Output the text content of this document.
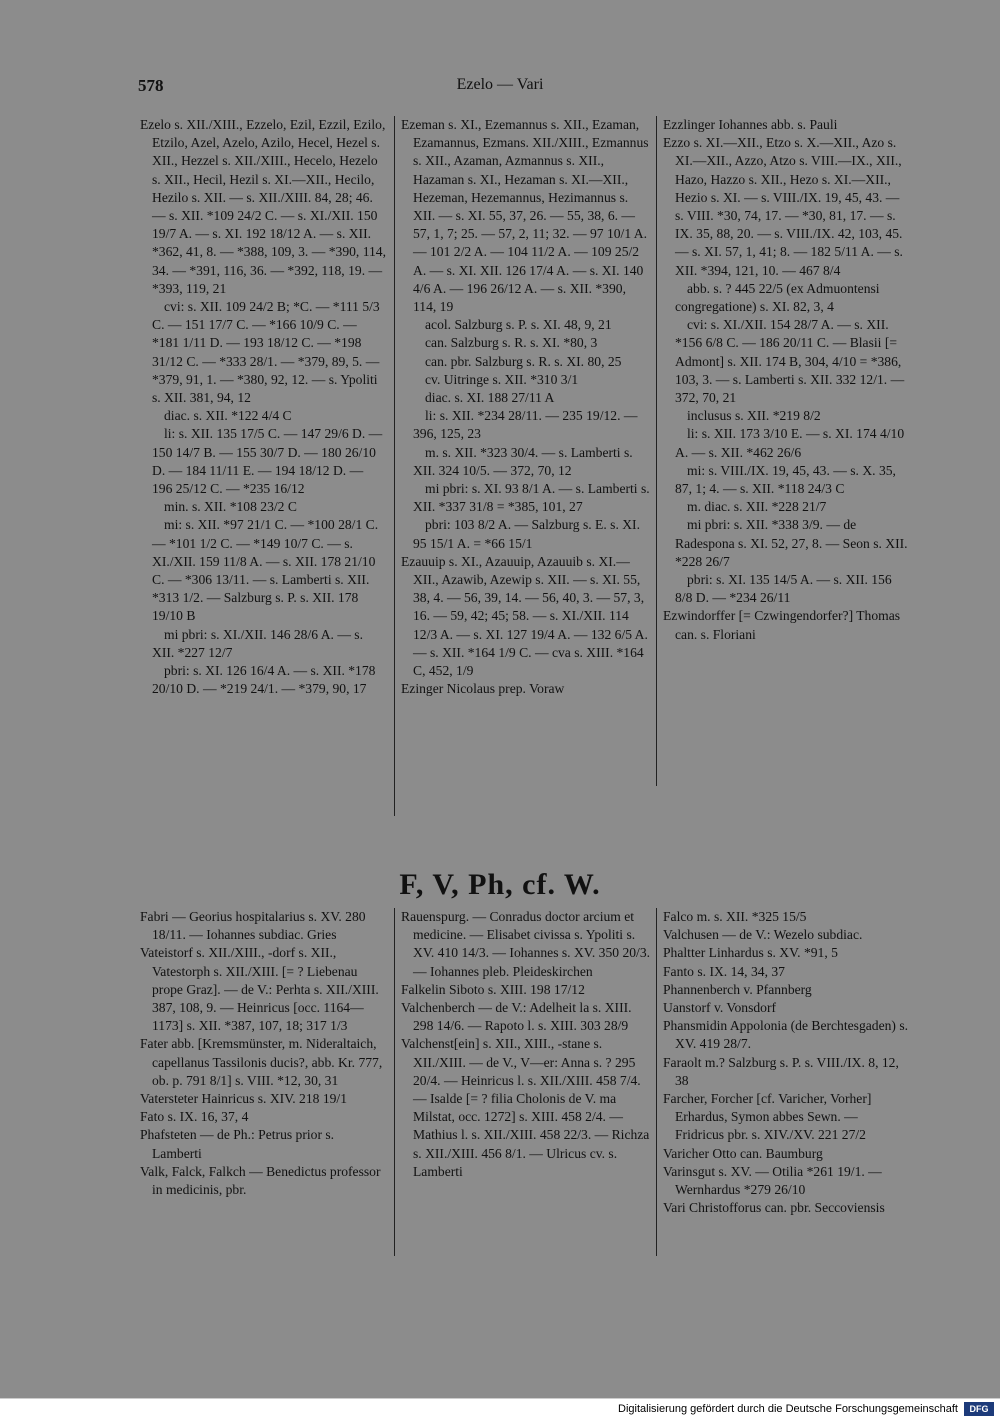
578	Ezelo — Vari

Ezelo s. XII./XIII., Ezzelo, Ezil, Ezzil, Ezilo, Etzilo, Azel, Azelo, Azilo, Hecel, Hezel s. XII., Hezzel s. XII./XIII., Hecelo, Hezelo s. XII., Hecil, Hezil s. XI.—XII., Hecilo, Hezilo s. XII. — s. XII./XIII. 84, 28; 46. — s. XII. *109 24/2 C. — s. XI./XII. 150 19/7 A. — s. XI. 192 18/12 A. — s. XII. *362, 41, 8. — *388, 109, 3. — *390, 114, 34. — *391, 116, 36. — *392, 118, 19. — *393, 119, 21

cvi: s. XII. 109 24/2 B; *C. — *111 5/3 C. — 151 17/7 C. — *166 10/9 C. — *181 1/11 D. — 193 18/12 C. — *198 31/12 C. — *333 28/1. — *379, 89, 5. — *379, 91, 1. — *380, 92, 12. — s. Ypoliti s. XII. 381, 94, 12

diac. s. XII. *122 4/4 C

li: s. XII. 135 17/5 C. — 147 29/6 D. — 150 14/7 B. — 155 30/7 D. — 180 26/10 D. — 184 11/11 E. — 194 18/12 D. — 196 25/12 C. — *235 16/12

min. s. XII. *108 23/2 C

mi: s. XII. *97 21/1 C. — *100 28/1 C. — *101 1/2 C. — *149 10/7 C. — s. XI./XII. 159 11/8 A. — s. XII. 178 21/10 C. — *306 13/11. — s. Lamberti s. XII. *313 1/2. — Salzburg s. P. s. XII. 178 19/10 B

mi pbri: s. XI./XII. 146 28/6 A. — s. XII. *227 12/7

pbri: s. XI. 126 16/4 A. — s. XII. *178 20/10 D. — *219 24/1. — *379, 90, 17

Ezeman s. XI., Ezemannus s. XII., Ezaman, Ezamannus, Ezmans. XII./XIII., Ezmannus s. XII., Azaman, Azmannus s. XII., Hazaman s. XI., Hezaman s. XI.—XII., Hezeman, Hezemannus, Hezimannus s. XII. — s. XI. 55, 37, 26. — 55, 38, 6. — 57, 1, 7; 25. — 57, 2, 11; 32. — 97 10/1 A. — 101 2/2 A. — 104 11/2 A. — 109 25/2 A. — s. XI. XII. 126 17/4 A. — s. XI. 140 4/6 A. — 196 26/12 A. — s. XII. *390, 114, 19

acol. Salzburg s. P. s. XI. 48, 9, 21

can. Salzburg s. R. s. XI. *80, 3

can. pbr. Salzburg s. R. s. XI. 80, 25

cv. Uitringe s. XII. *310 3/1

diac. s. XI. 188 27/11 A

li: s. XII. *234 28/11. — 235 19/12. — 396, 125, 23

m. s. XII. *323 30/4. — s. Lamberti s. XII. 324 10/5. — 372, 70, 12

mi pbri: s. XI. 93 8/1 A. — s. Lamberti s. XII. *337 31/8 = *385, 101, 27

pbri: 103 8/2 A. — Salzburg s. E. s. XI. 95 15/1 A. = *66 15/1

Ezauuip s. XI., Azauuip, Azauuib s. XI.—XII., Azawib, Azewip s. XII. — s. XI. 55, 38, 4. — 56, 39, 14. — 56, 40, 3. — 57, 3, 16. — 59, 42; 45; 58. — s. XI./XII. 114 12/3 A. — s. XI. 127 19/4 A. — 132 6/5 A. — s. XII. *164 1/9 C. — cva s. XIII. *164 C, 452, 1/9

Ezinger Nicolaus prep. Voraw

Ezzlinger Iohannes abb. s. Pauli

Ezzo s. XI.—XII., Etzo s. X.—XII., Azo s. XI.—XII., Azzo, Atzo s. VIII.—IX., XII., Hazo, Hazzo s. XII., Hezo s. XI.—XII., Hezio s. XI. — s. VIII./IX. 19, 45, 43. — s. VIII. *30, 74, 17. — *30, 81, 17. — s. IX. 35, 88, 20. — s. VIII./IX. 42, 103, 45. — s. XI. 57, 1, 41; 8. — 182 5/11 A. — s. XII. *394, 121, 10. — 467 8/4

abb. s. ? 445 22/5 (ex Admuontensi congregatione) s. XI. 82, 3, 4

cvi: s. XI./XII. 154 28/7 A. — s. XII. *156 6/8 C. — 186 20/11 C. — Blasii [= Admont] s. XII. 174 B, 304, 4/10 = *386, 103, 3. — s. Lamberti s. XII. 332 12/1. — 372, 70, 21

inclusus s. XII. *219 8/2

li: s. XII. 173 3/10 E. — s. XI. 174 4/10 A. — s. XII. *462 26/6

mi: s. VIII./IX. 19, 45, 43. — s. X. 35, 87, 1; 4. — s. XII. *118 24/3 C

m. diac. s. XII. *228 21/7

mi pbri: s. XII. *338 3/9. — de Radespona s. XI. 52, 27, 8. — Seon s. XII. *228 26/7

pbri: s. XI. 135 14/5 A. — s. XII. 156 8/8 D. — *234 26/11

Ezwindorffer [= Czwingendorfer?] Thomas can. s. Floriani

F, V, Ph, cf. W.

Fabri — Georius hospitalarius s. XV. 280 18/11. — Iohannes subdiac. Gries

Vateistorf s. XII./XIII., -dorf s. XII., Vatestorph s. XII./XIII. [= ? Liebenau prope Graz]. — de V.: Perhta s. XII./XIII. 387, 108, 9. — Heinricus [occ. 1164—1173] s. XII. *387, 107, 18; 317 1/3

Fater abb. [Kremsmünster, m. Nideraltaich, capellanus Tassilonis ducis?, abb. Kr. 777, ob. p. 791 8/1] s. VIII. *12, 30, 31

Vatersteter Hainricus s. XIV. 218 19/1

Fato s. IX. 16, 37, 4

Phafsteten — de Ph.: Petrus prior s. Lamberti

Valk, Falck, Falkch — Benedictus professor in medicinis, pbr.

Rauenspurg. — Conradus doctor arcium et medicine. — Elisabet civissa s. Ypoliti s. XV. 410 14/3. — Iohannes s. XV. 350 20/3. — Iohannes pleb. Pleideskirchen

Falkelin Siboto s. XIII. 198 17/12

Valchenberch — de V.: Adelheit la s. XIII. 298 14/6. — Rapoto l. s. XIII. 303 28/9

Valchenst[ein] s. XII., XIII., -stane s. XII./XIII. — de V., V—er: Anna s. ? 295 20/4. — Heinricus l. s. XII./XIII. 458 7/4. — Isalde [= ? filia Cholonis de V. ma Milstat, occ. 1272] s. XIII. 458 2/4. — Mathius l. s. XII./XIII. 458 22/3. — Richza s. XII./XIII. 456 8/1. — Ulricus cv. s. Lamberti

Falco m. s. XII. *325 15/5

Valchusen — de V.: Wezelo subdiac.

Phaltter Linhardus s. XV. *91, 5

Fanto s. IX. 14, 34, 37

Phannenberch v. Pfannberg

Uanstorf v. Vonsdorf

Phansmidin Appolonia (de Berchtesgaden) s. XV. 419 28/7.

Faraolt m.? Salzburg s. P. s. VIII./IX. 8, 12, 38

Farcher, Forcher [cf. Varicher, Vorher] Erhardus, Symon abbes Sewn. — Fridricus pbr. s. XIV./XV. 221 27/2

Varicher Otto can. Baumburg

Varinsgut s. XV. — Otilia *261 19/1. — Wernhardus *279 26/10

Vari Christofforus can. pbr. Seccoviensis

Digitalisierung gefördert durch die Deutsche Forschungsgemeinschaft	DFG
